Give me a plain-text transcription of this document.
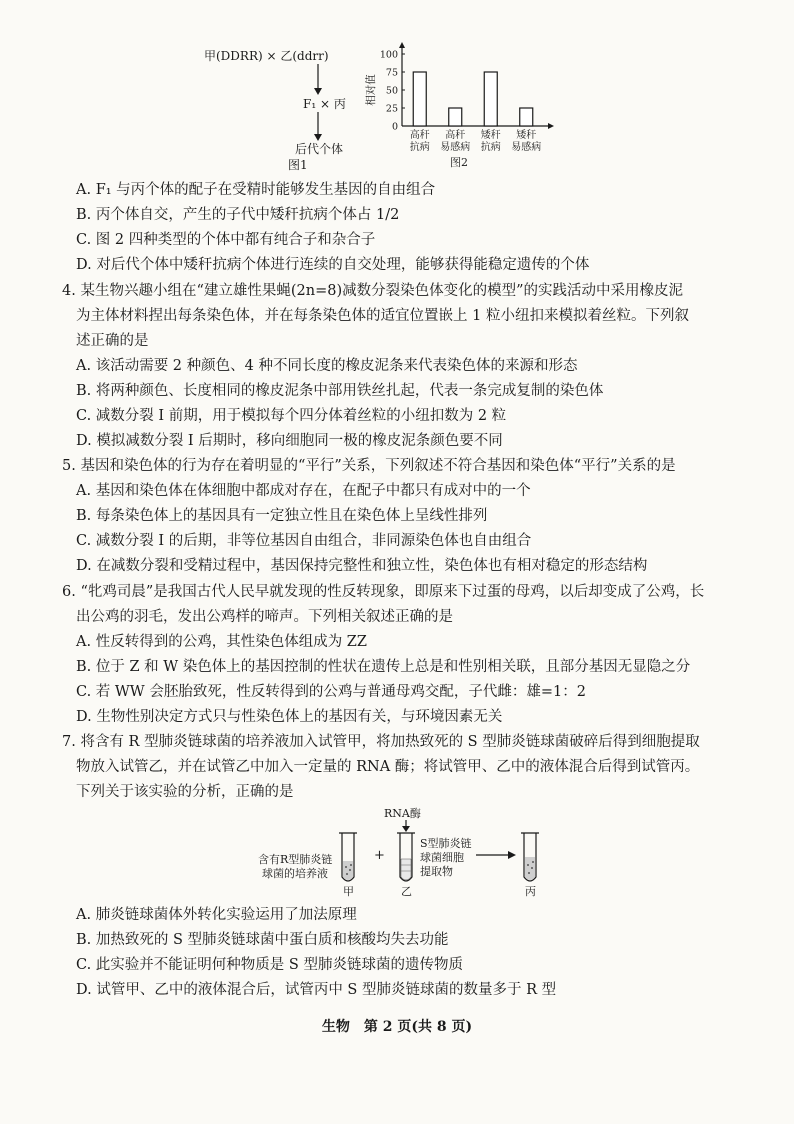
甲(DDRR) × 乙(ddrr)
F₁ × 丙
后代个体
图1
0
25
50
75
100
相对值
高秆
抗病
高秆
易感病
矮秆
抗病
矮秆
易感病
图2
A. F₁ 与丙个体的配子在受精时能够发生基因的自由组合
B. 丙个体自交，产生的子代中矮秆抗病个体占 1/2
C. 图 2 四种类型的个体中都有纯合子和杂合子
D. 对后代个体中矮秆抗病个体进行连续的自交处理，能够获得能稳定遗传的个体
4. 某生物兴趣小组在“建立雄性果蝇(2n=8)减数分裂染色体变化的模型”的实践活动中采用橡皮泥
为主体材料捏出每条染色体，并在每条染色体的适宜位置嵌上 1 粒小纽扣来模拟着丝粒。下列叙
述正确的是
A. 该活动需要 2 种颜色、4 种不同长度的橡皮泥条来代表染色体的来源和形态
B. 将两种颜色、长度相同的橡皮泥条中部用铁丝扎起，代表一条完成复制的染色体
C. 减数分裂 Ⅰ 前期，用于模拟每个四分体着丝粒的小纽扣数为 2 粒
D. 模拟减数分裂 Ⅰ 后期时，移向细胞同一极的橡皮泥条颜色要不同
5. 基因和染色体的行为存在着明显的“平行”关系，下列叙述不符合基因和染色体“平行”关系的是
A. 基因和染色体在体细胞中都成对存在，在配子中都只有成对中的一个
B. 每条染色体上的基因具有一定独立性且在染色体上呈线性排列
C. 减数分裂 Ⅰ 的后期，非等位基因自由组合，非同源染色体也自由组合
D. 在减数分裂和受精过程中，基因保持完整性和独立性，染色体也有相对稳定的形态结构
6. “牝鸡司晨”是我国古代人民早就发现的性反转现象，即原来下过蛋的母鸡，以后却变成了公鸡，长
出公鸡的羽毛，发出公鸡样的啼声。下列相关叙述正确的是
A. 性反转得到的公鸡，其性染色体组成为 ZZ
B. 位于 Z 和 W 染色体上的基因控制的性状在遗传上总是和性别相关联，且部分基因无显隐之分
C. 若 WW 会胚胎致死，性反转得到的公鸡与普通母鸡交配，子代雌：雄=1：2
D. 生物性别决定方式只与性染色体上的基因有关，与环境因素无关
7. 将含有 R 型肺炎链球菌的培养液加入试管甲，将加热致死的 S 型肺炎链球菌破碎后得到细胞提取
物放入试管乙，并在试管乙中加入一定量的 RNA 酶；将试管甲、乙中的液体混合后得到试管丙。
下列关于该实验的分析，正确的是
含有R型肺炎链
球菌的培养液
甲
+
RNA酶
乙
S型肺炎链
球菌细胞
提取物
丙
A. 肺炎链球菌体外转化实验运用了加法原理
B. 加热致死的 S 型肺炎链球菌中蛋白质和核酸均失去功能
C. 此实验并不能证明何种物质是 S 型肺炎链球菌的遗传物质
D. 试管甲、乙中的液体混合后，试管丙中 S 型肺炎链球菌的数量多于 R 型
生物　第 2 页(共 8 页)
